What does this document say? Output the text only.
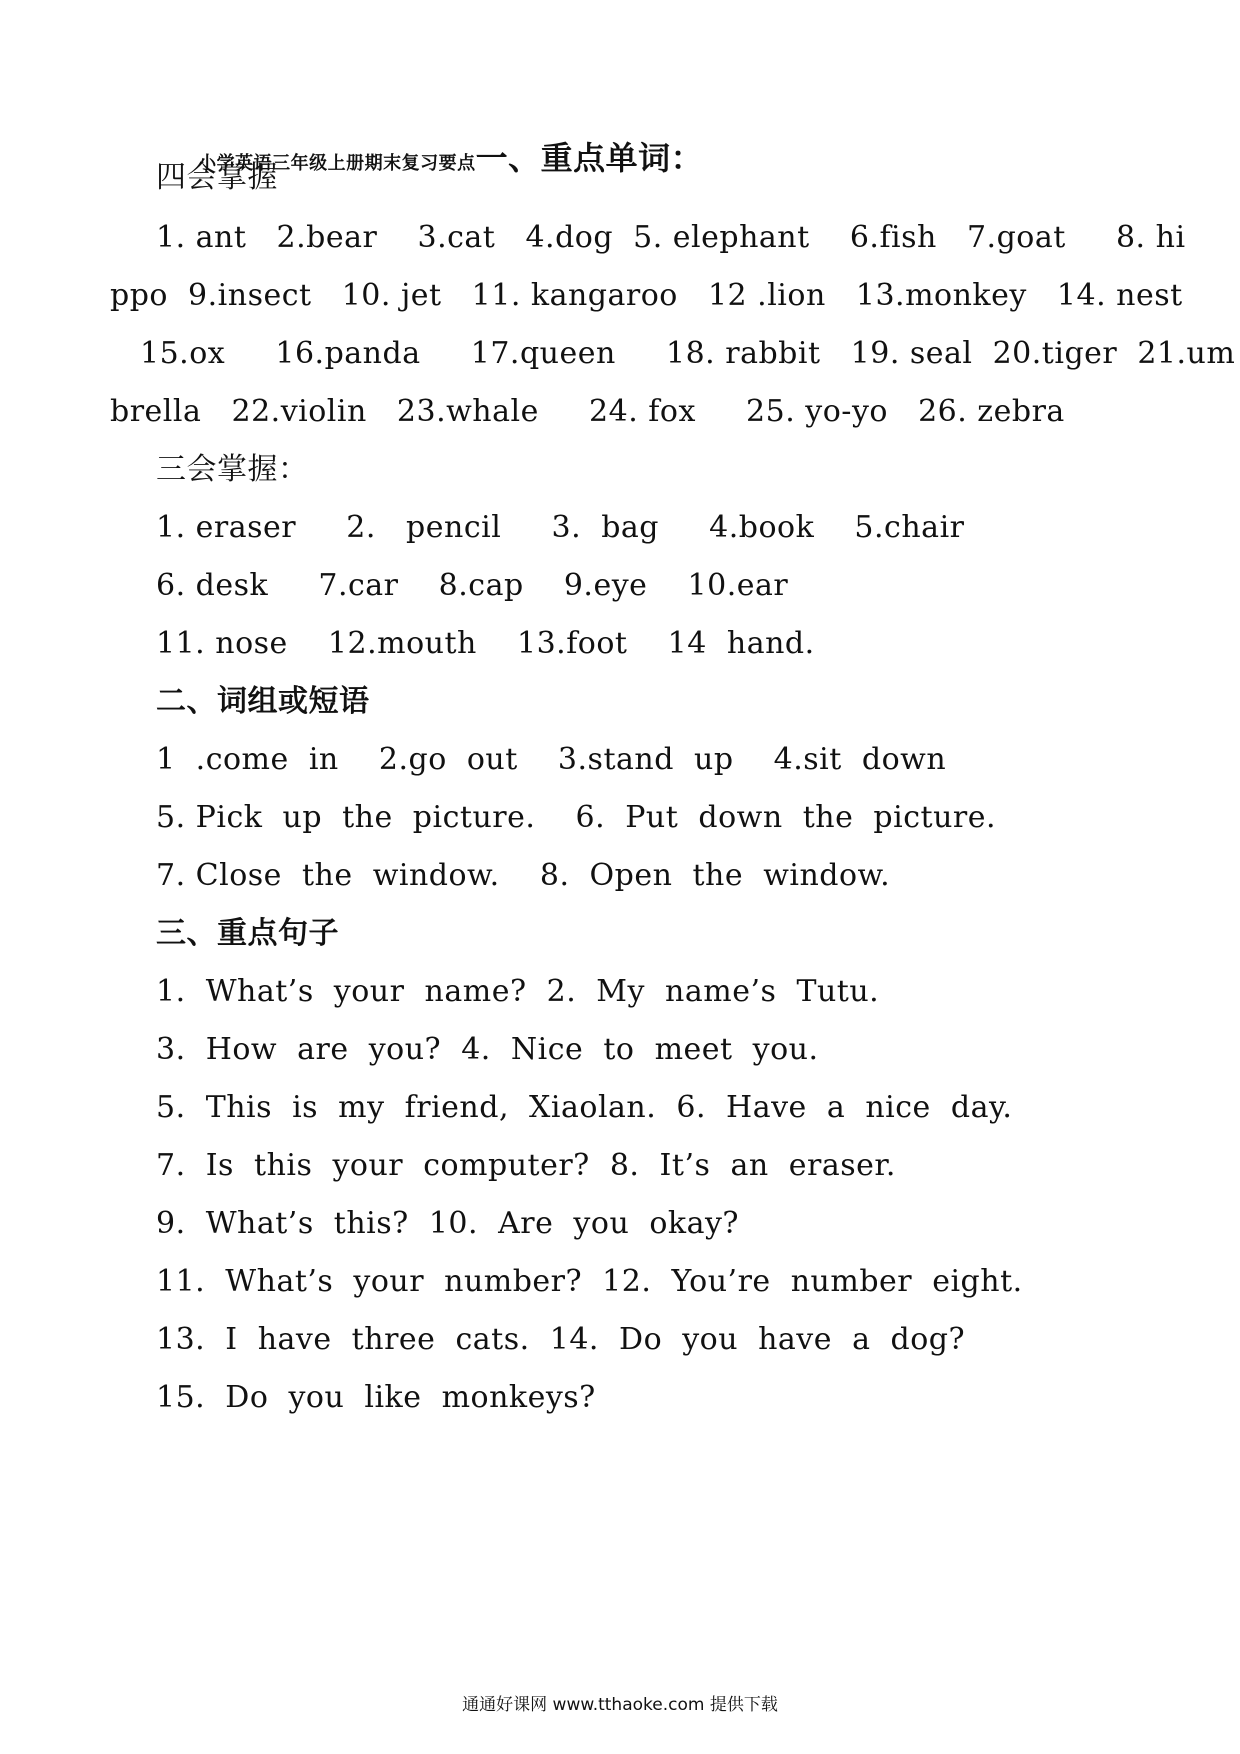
小学英语三年级上册期末复习要点一、重点单词：

四会掌握
1. ant   2.bear    3.cat   4.dog  5. elephant    6.fish   7.goat     8. hi
ppo  9.insect   10. jet   11. kangaroo   12 .lion   13.monkey   14. nest
15.ox     16.panda     17.queen     18. rabbit   19. seal  20.tiger  21.um
brella   22.violin   23.whale     24. fox     25. yo-yo   26. zebra
三会掌握：
1. eraser     2.   pencil     3.  bag     4.book    5.chair
6. desk     7.car    8.cap    9.eye    10.ear
11. nose    12.mouth    13.foot    14  hand.
二、词组或短语
1  .come  in    2.go  out    3.stand  up    4.sit  down
5. Pick  up  the  picture.    6.  Put  down  the  picture.
7. Close  the  window.    8.  Open  the  window.
三、重点句子
1.  What’s  your  name?  2.  My  name’s  Tutu.
3.  How  are  you?  4.  Nice  to  meet  you.
5.  This  is  my  friend,  Xiaolan.  6.  Have  a  nice  day.
7.  Is  this  your  computer?  8.  It’s  an  eraser.
9.  What’s  this?  10.  Are  you  okay?
11.  What’s  your  number?  12.  You’re  number  eight.
13.  I  have  three  cats.  14.  Do  you  have  a  dog?
15.  Do  you  like  monkeys?
通通好课网 www.tthaoke.com 提供下载
